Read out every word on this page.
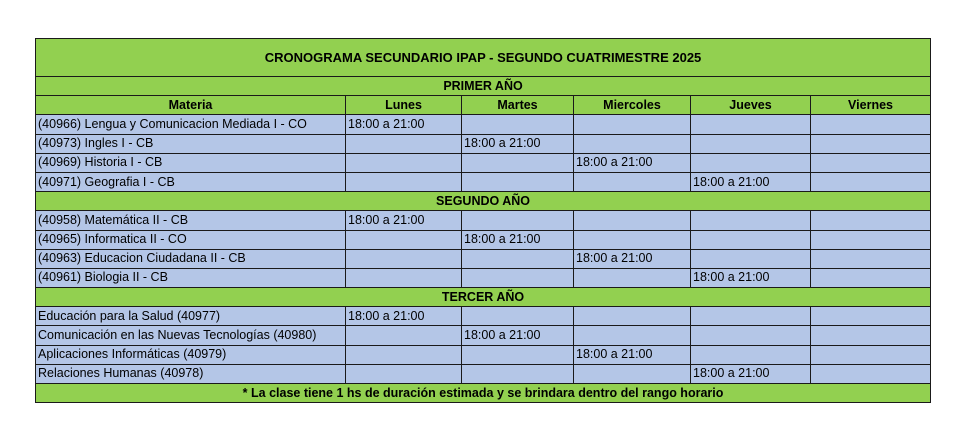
CRONOGRAMA SECUNDARIO IPAP - SEGUNDO CUATRIMESTRE 2025					
PRIMER AÑO					
Materia	Lunes	Martes	Miercoles	Jueves	Viernes
(40966) Lengua y Comunicacion Mediada I - CO	18:00 a 21:00				
(40973) Ingles I - CB		18:00 a 21:00			
(40969) Historia I - CB			18:00 a 21:00		
(40971) Geografia I - CB				18:00 a 21:00	
SEGUNDO AÑO					
(40958) Matemática II - CB	18:00 a 21:00				
(40965) Informatica II - CO		18:00 a 21:00			
(40963) Educacion Ciudadana II - CB			18:00 a 21:00		
(40961) Biologia II - CB				18:00 a 21:00	
TERCER AÑO					
Educación para la Salud (40977)	18:00 a 21:00				
Comunicación en las Nuevas Tecnologías (40980)		18:00 a 21:00			
Aplicaciones Informáticas (40979)			18:00 a 21:00		
Relaciones Humanas (40978)				18:00 a 21:00	
* La clase tiene 1 hs de duración estimada y se brindara dentro del rango horario					
